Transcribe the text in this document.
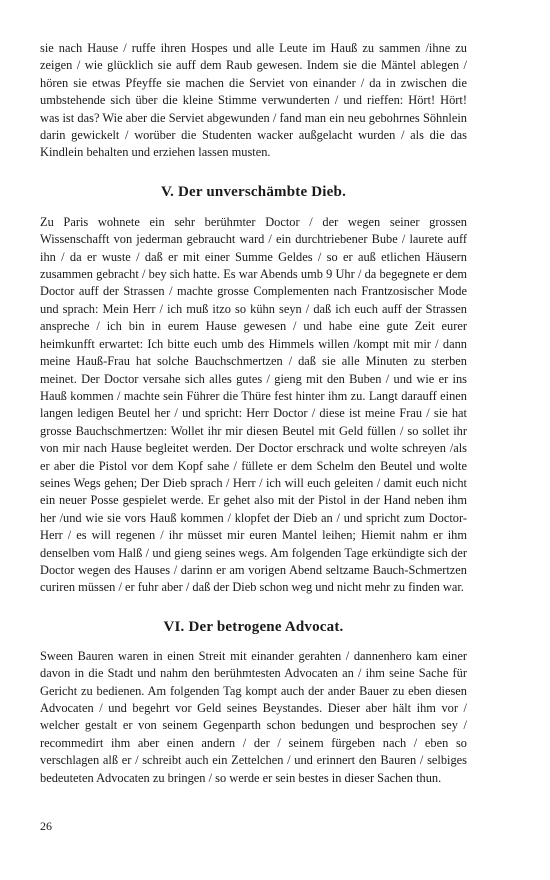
sie nach Hause / ruffe ihren Hospes und alle Leute im Hauß zu sammen /ihne zu zeigen / wie glücklich sie auff dem Raub gewesen. Indem sie die Mäntel ablegen / hören sie etwas Pfeyffe sie machen die Serviet von einander / da in zwischen die umbstehende sich über die kleine Stimme verwunderten / und rieffen: Hört! Hört! was ist das? Wie aber die Serviet abgewunden / fand man ein neu gebohrnes Söhnlein darin gewickelt / worüber die Studenten wacker außgelacht wurden / als die das Kindlein behalten und erziehen lassen musten.

V. Der unverschämbte Dieb.

Zu Paris wohnete ein sehr berühmter Doctor / der wegen seiner grossen Wissenschafft von jederman gebraucht ward / ein durchtriebener Bube / laurete auff ihn / da er wuste / daß er mit einer Summe Geldes / so er auß etlichen Häusern zusammen gebracht / bey sich hatte. Es war Abends umb 9 Uhr / da begegnete er dem Doctor auff der Strassen / machte grosse Complementen nach Frantzosischer Mode und sprach: Mein Herr / ich muß itzo so kühn seyn / daß ich euch auff der Strassen anspreche / ich bin in eurem Hause gewesen / und habe eine gute Zeit eurer heimkunfft erwartet: Ich bitte euch umb des Himmels willen /kompt mit mir / dann meine Hauß-Frau hat solche Bauchschmertzen / daß sie alle Minuten zu sterben meinet. Der Doctor versahe sich alles gutes / gieng mit den Buben / und wie er ins Hauß kommen / machte sein Führer die Thüre fest hinter ihm zu. Langt darauff einen langen ledigen Beutel her / und spricht: Herr Doctor / diese ist meine Frau / sie hat grosse Bauchschmertzen: Wollet ihr mir diesen Beutel mit Geld füllen / so sollet ihr von mir nach Hause begleitet werden. Der Doctor erschrack und wolte schreyen /als er aber die Pistol vor dem Kopf sahe / füllete er dem Schelm den Beutel und wolte seines Wegs gehen; Der Dieb sprach / Herr / ich will euch geleiten / damit euch nicht ein neuer Posse gespielet werde. Er gehet also mit der Pistol in der Hand neben ihm her /und wie sie vors Hauß kommen / klopfet der Dieb an / und spricht zum Doctor-Herr / es will regenen / ihr müsset mir euren Mantel leihen; Hiemit nahm er ihm denselben vom Halß / und gieng seines wegs. Am folgenden Tage erkündigte sich der Doctor wegen des Hauses / darinn er am vorigen Abend seltzame Bauch-Schmertzen curiren müssen / er fuhr aber / daß der Dieb schon weg und nicht mehr zu finden war.

VI. Der betrogene Advocat.

Sween Bauren waren in einen Streit mit einander gerahten / dannenhero kam einer davon in die Stadt und nahm den berühmtesten Advocaten an / ihm seine Sache für Gericht zu bedienen. Am folgenden Tag kompt auch der ander Bauer zu eben diesen Advocaten / und begehrt vor Geld seines Beystandes. Dieser aber hält ihm vor / welcher gestalt er von seinem Gegenparth schon bedungen und besprochen sey / recommedirt ihm aber einen andern / der / seinem fürgeben nach / eben so verschlagen alß er / schreibt auch ein Zettelchen / und erinnert den Bauren / selbiges bedeuteten Advocaten zu bringen / so werde er sein bestes in dieser Sachen thun.

26
